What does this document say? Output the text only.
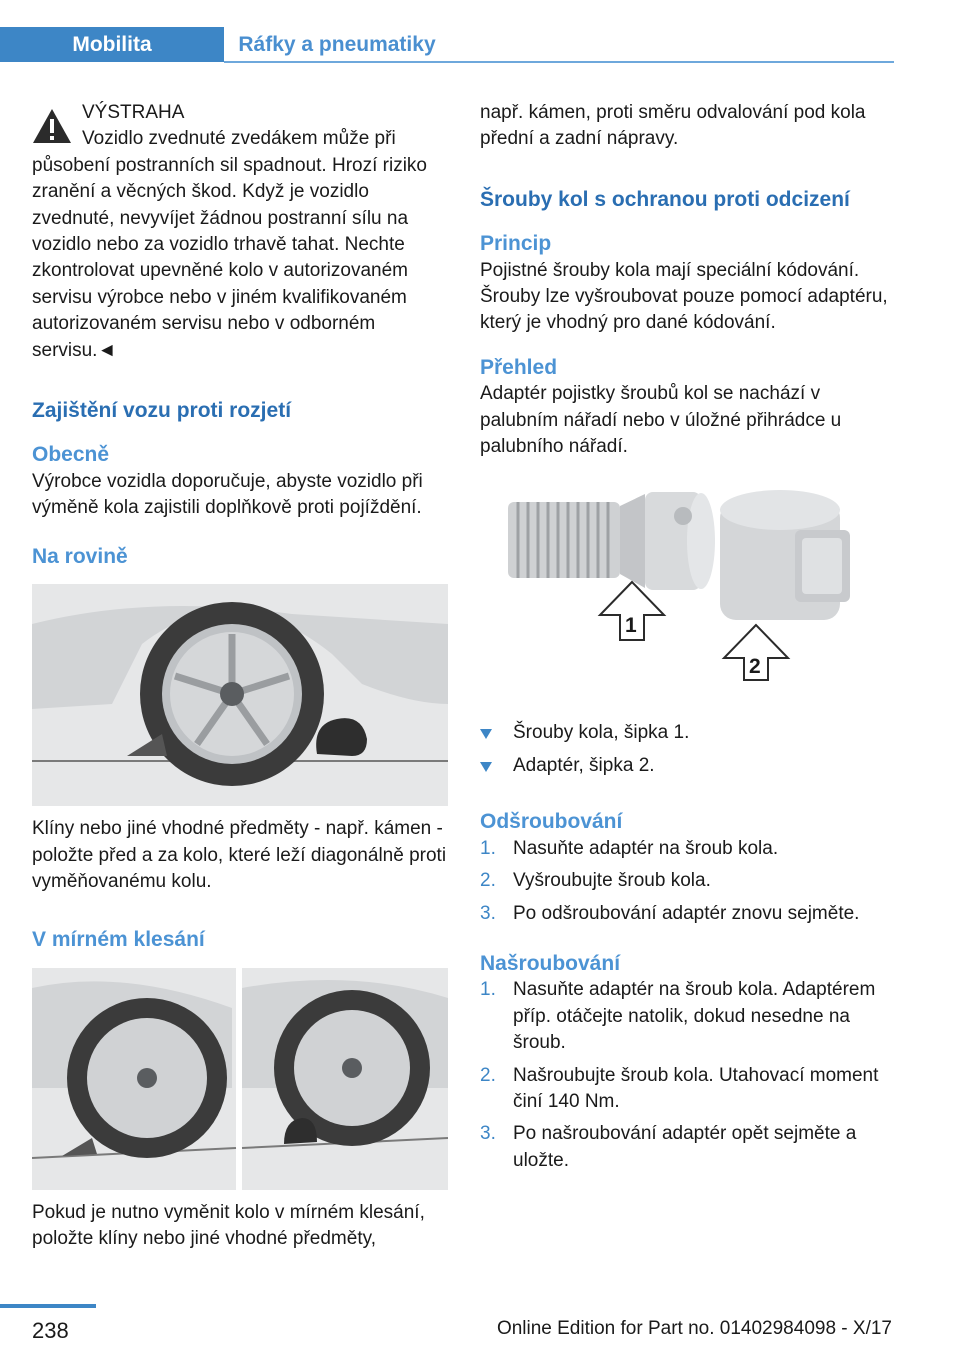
Mobilita	Ráfky a pneumatiky

VÝSTRAHA

Vozidlo zvednuté zvedákem může při působení postranních sil spadnout. Hrozí riziko zranění a věcných škod. Když je vozidlo zvednuté, nevyvíjet žádnou postranní sílu na vozidlo nebo za vozidlo trhavě tahat. Nechte zkontrolovat upevněné kolo v autorizovaném servisu výrobce nebo v jiném kvalifikovaném autorizovaném servisu nebo v odborném servisu.◄

Zajištění vozu proti rozjetí

Obecně

Výrobce vozidla doporučuje, abyste vozidlo při výměně kola zajistili doplňkově proti pojíždění.

Na rovině

Klíny nebo jiné vhodné předměty - např. kámen - položte před a za kolo, které leží diagonálně proti vyměňovanému kolu.

V mírném klesání

Pokud je nutno vyměnit kolo v mírném klesání, položte klíny nebo jiné vhodné předměty,

např. kámen, proti směru odvalování pod kola přední a zadní nápravy.

Šrouby kol s ochranou proti odcizení

Princip

Pojistné šrouby kola mají speciální kódování. Šrouby lze vyšroubovat pouze pomocí adaptéru, který je vhodný pro dané kódování.

Přehled

Adaptér pojistky šroubů kol se nachází v palubním nářadí nebo v úložné přihrádce u palubního nářadí.

1
2
Šrouby kola, šipka 1.
Adaptér, šipka 2.

Odšroubování

1. Nasuňte adaptér na šroub kola.
2. Vyšroubujte šroub kola.
3. Po odšroubování adaptér znovu sejměte.

Našroubování

1. Nasuňte adaptér na šroub kola. Adaptérem příp. otáčejte natolik, dokud nesedne na šroub.
2. Našroubujte šroub kola. Utahovací moment činí 140 Nm.
3. Po našroubování adaptér opět sejměte a uložte.
238	Online Edition for Part no. 01402984098 - X/17
